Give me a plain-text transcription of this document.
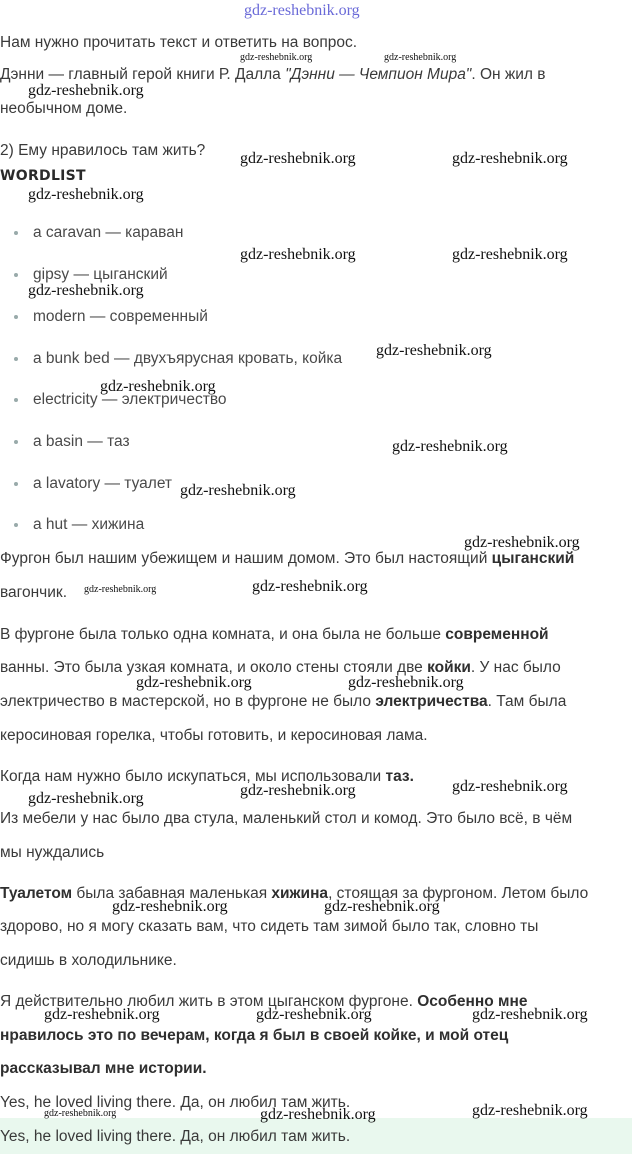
gdz-reshebnik.org

Нам нужно прочитать текст и ответить на вопрос.

Дэнни — главный герой книги Р. Далла "Дэнни — Чемпион Мира". Он жил в

необычном доме.

2) Ему нравилось там жить?

WORDLIST
a caravan — караван
gipsy — цыганский
modern — современный
a bunk bed — двухъярусная кровать, койка
electricity — электричество
a basin — таз
a lavatory — туалет
a hut — хижина

Фургон был нашим убежищем и нашим домом. Это был настоящий цыганский

вагончик.

В фургоне была только одна комната, и она была не больше современной

ванны. Это была узкая комната, и около стены стояли две койки. У нас было

электричество в мастерской, но в фургоне не было электричества. Там была

керосиновая горелка, чтобы готовить, и керосиновая лама.

Когда нам нужно было искупаться, мы использовали таз.

Из мебели у нас было два стула, маленький стол и комод. Это было всё, в чём

мы нуждались

Туалетом была забавная маленькая хижина, стоящая за фургоном. Летом было

здорово, но я могу сказать вам, что сидеть там зимой было так, словно ты

сидишь в холодильнике.

Я действительно любил жить в этом цыганском фургоне. Особенно мне

нравилось это по вечерам, когда я был в своей койке, и мой отец

рассказывал мне истории.

Yes, he loved living there. Да, он любил там жить.

Yes, he loved living there. Да, он любил там жить.

gdz-reshebnik.org	gdz-reshebnik.org
gdz-reshebnik.org
gdz-reshebnik.org	gdz-reshebnik.org
gdz-reshebnik.org
gdz-reshebnik.org	gdz-reshebnik.org
gdz-reshebnik.org
gdz-reshebnik.org
gdz-reshebnik.org
gdz-reshebnik.org
gdz-reshebnik.org
gdz-reshebnik.org
gdz-reshebnik.org	gdz-reshebnik.org
gdz-reshebnik.org	gdz-reshebnik.org
gdz-reshebnik.org
gdz-reshebnik.org
gdz-reshebnik.org
gdz-reshebnik.org	gdz-reshebnik.org
gdz-reshebnik.org	gdz-reshebnik.org	gdz-reshebnik.org
gdz-reshebnik.org	gdz-reshebnik.org	gdz-reshebnik.org
